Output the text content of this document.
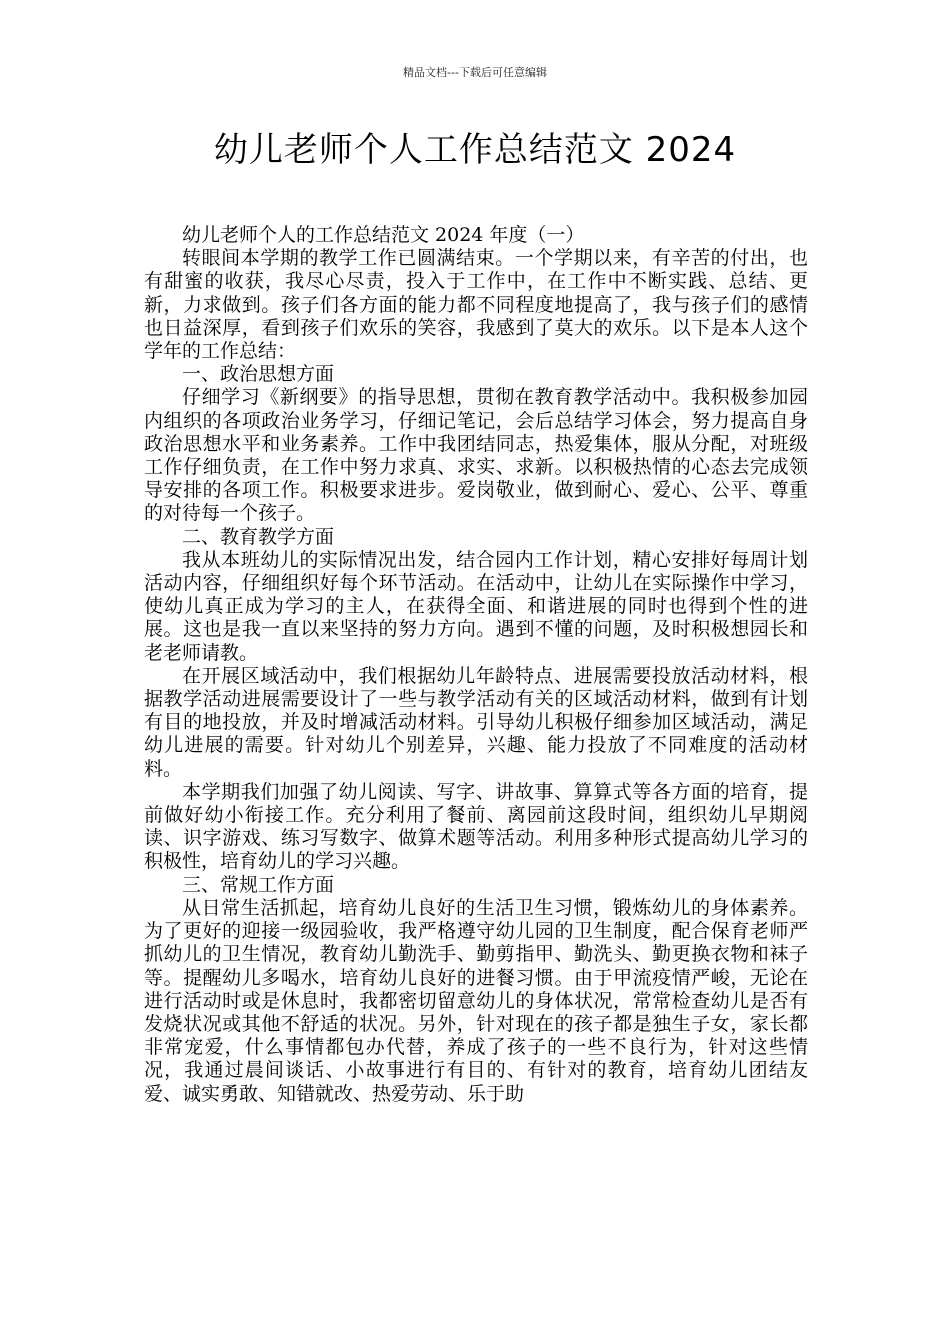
精品文档---下载后可任意编辑
幼儿老师个人工作总结范文 2024

幼儿老师个人的工作总结范文 2024 年度（一）

转眼间本学期的教学工作已圆满结束。一个学期以来，有辛苦的付出，也有甜蜜的收获，我尽心尽责，投入于工作中，在工作中不断实践、总结、更新，力求做到。孩子们各方面的能力都不同程度地提高了，我与孩子们的感情也日益深厚，看到孩子们欢乐的笑容，我感到了莫大的欢乐。以下是本人这个学年的工作总结：

一、政治思想方面

仔细学习《新纲要》的指导思想，贯彻在教育教学活动中。我积极参加园内组织的各项政治业务学习，仔细记笔记，会后总结学习体会，努力提高自身政治思想水平和业务素养。工作中我团结同志，热爱集体，服从分配，对班级工作仔细负责，在工作中努力求真、求实、求新。以积极热情的心态去完成领导安排的各项工作。积极要求进步。爱岗敬业，做到耐心、爱心、公平、尊重的对待每一个孩子。

二、教育教学方面

我从本班幼儿的实际情况出发，结合园内工作计划，精心安排好每周计划活动内容，仔细组织好每个环节活动。在活动中，让幼儿在实际操作中学习，使幼儿真正成为学习的主人，在获得全面、和谐进展的同时也得到个性的进展。这也是我一直以来坚持的努力方向。遇到不懂的问题，及时积极想园长和老老师请教。

在开展区域活动中，我们根据幼儿年龄特点、进展需要投放活动材料，根据教学活动进展需要设计了一些与教学活动有关的区域活动材料，做到有计划有目的地投放，并及时增减活动材料。引导幼儿积极仔细参加区域活动，满足幼儿进展的需要。针对幼儿个别差异，兴趣、能力投放了不同难度的活动材料。

本学期我们加强了幼儿阅读、写字、讲故事、算算式等各方面的培育，提前做好幼小衔接工作。充分利用了餐前、离园前这段时间，组织幼儿早期阅读、识字游戏、练习写数字、做算术题等活动。利用多种形式提高幼儿学习的积极性，培育幼儿的学习兴趣。

三、常规工作方面

从日常生活抓起，培育幼儿良好的生活卫生习惯，锻炼幼儿的身体素养。为了更好的迎接一级园验收，我严格遵守幼儿园的卫生制度，配合保育老师严抓幼儿的卫生情况，教育幼儿勤洗手、勤剪指甲、勤洗头、勤更换衣物和袜子等。提醒幼儿多喝水，培育幼儿良好的进餐习惯。由于甲流疫情严峻，无论在进行活动时或是休息时，我都密切留意幼儿的身体状况，常常检查幼儿是否有发烧状况或其他不舒适的状况。另外，针对现在的孩子都是独生子女，家长都非常宠爱，什么事情都包办代替，养成了孩子的一些不良行为，针对这些情况，我通过晨间谈话、小故事进行有目的、有针对的教育，培育幼儿团结友爱、诚实勇敢、知错就改、热爱劳动、乐于助
